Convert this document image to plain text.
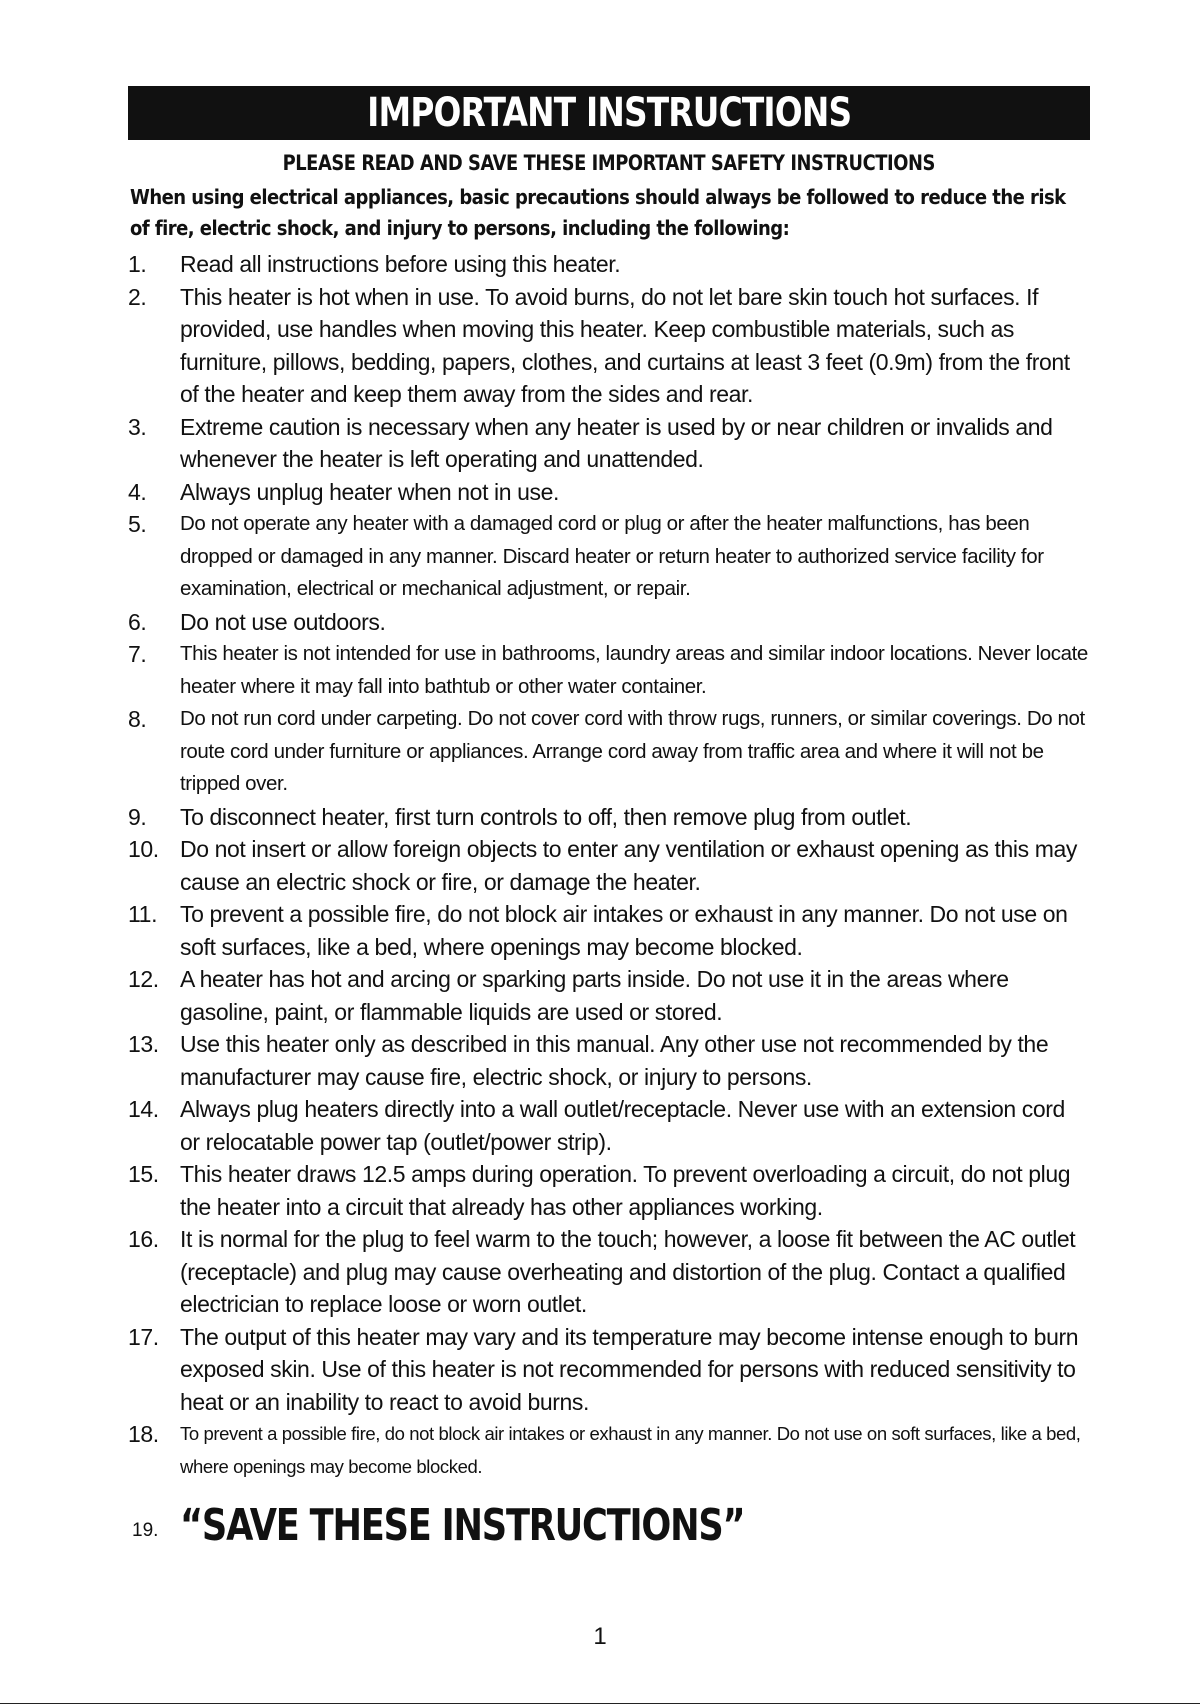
IMPORTANT INSTRUCTIONS
PLEASE READ AND SAVE THESE IMPORTANT SAFETY INSTRUCTIONS
When using electrical appliances, basic precautions should always be followed to reduce the risk of fire, electric shock, and injury to persons, including the following:
1.	Read all instructions before using this heater.
2.	This heater is hot when in use. To avoid burns, do not let bare skin touch hot surfaces. If provided, use handles when moving this heater. Keep combustible materials, such as furniture, pillows, bedding, papers, clothes, and curtains at least 3 feet (0.9m) from the front of the heater and keep them away from the sides and rear.
3.	Extreme caution is necessary when any heater is used by or near children or invalids and whenever the heater is left operating and unattended.
4.	Always unplug heater when not in use.
5.	Do not operate any heater with a damaged cord or plug or after the heater malfunctions, has been dropped or damaged in any manner. Discard heater or return heater to authorized service facility for examination, electrical or mechanical adjustment, or repair.
6.	Do not use outdoors.
7.	This heater is not intended for use in bathrooms, laundry areas and similar indoor locations. Never locate heater where it may fall into bathtub or other water container.
8.	Do not run cord under carpeting. Do not cover cord with throw rugs, runners, or similar coverings. Do not route cord under furniture or appliances. Arrange cord away from traffic area and where it will not be tripped over.
9.	To disconnect heater, first turn controls to off, then remove plug from outlet.
10. Do not insert or allow foreign objects to enter any ventilation or exhaust opening as this may cause an electric shock or fire, or damage the heater.
11. To prevent a possible fire, do not block air intakes or exhaust in any manner. Do not use on soft surfaces, like a bed, where openings may become blocked.
12. A heater has hot and arcing or sparking parts inside. Do not use it in the areas where gasoline, paint, or flammable liquids are used or stored.
13. Use this heater only as described in this manual. Any other use not recommended by the manufacturer may cause fire, electric shock, or injury to persons.
14. Always plug heaters directly into a wall outlet/receptacle. Never use with an extension cord or relocatable power tap (outlet/power strip).
15. This heater draws 12.5 amps during operation. To prevent overloading a circuit, do not plug the heater into a circuit that already has other appliances working.
16. It is normal for the plug to feel warm to the touch; however, a loose fit between the AC outlet (receptacle) and plug may cause overheating and distortion of the plug. Contact a qualified electrician to replace loose or worn outlet.
17. The output of this heater may vary and its temperature may become intense enough to burn exposed skin. Use of this heater is not recommended for persons with reduced sensitivity to heat or an inability to react to avoid burns.
18.	To prevent a possible fire, do not block air intakes or exhaust in any manner. Do not use on soft surfaces, like a bed, where openings may become blocked.
19. “SAVE THESE INSTRUCTIONS”
1
